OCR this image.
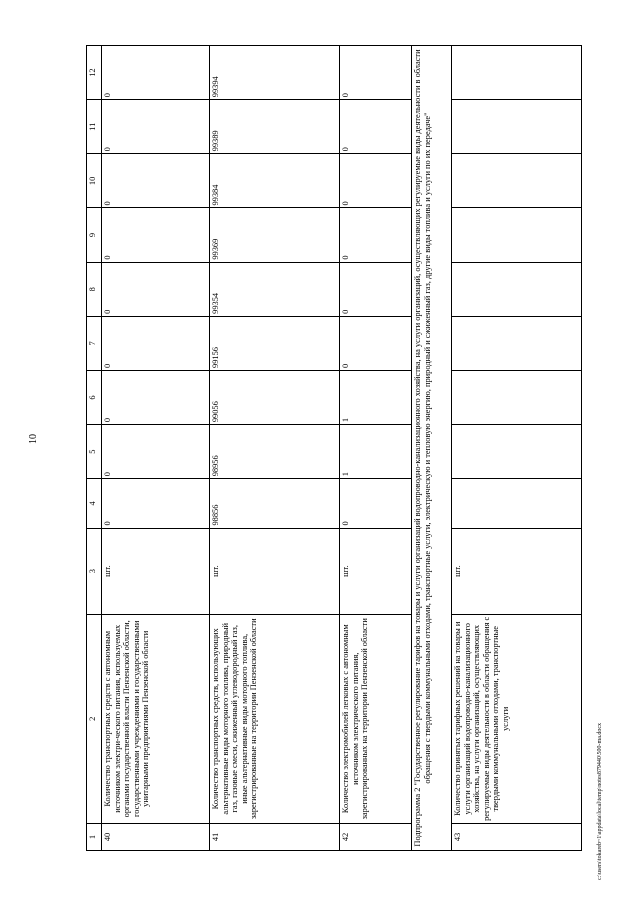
10
1	2	3	4	5	6	7	8	9	10	11	12
40	Количество транспортных средств с автономным источником электри-ческого питания, используемых органами государственной власти Пензенской области, государственными учреждениями и государственными унитарными предприятиями Пензенской области	шт.	0	0	0	0	0	0	0	0	0
41	Количество транспортных средств, использующих альтернативные виды моторного топлива, природный газ, газовые смеси, сжиженный углеводородный газ, иные альтернативные виды моторного топлива, зарегистрированные на территории Пензенской области	шт.	98856	98956	99056	99156	99354	99369	99384	99389	99394
42	Количество электромобилей легковых с автономным источником электрического питания, зарегистрированных на территории Пензенской области	шт.	0	1	1	0	0	0	0	0	0
Подпрограмма 2 "Государственное регулирование тарифов на товары и услуги организаций водопроводно-канализационного хозяйства, на услуги организаций, осуществляющих регулируемые виды деятельности в области обращения с твердыми коммунальными отходами, транспортные услуги, электрическую и тепловую энергию, природный и сжиженный газ, другие виды топлива и услуги по их передаче"											
43	Количество принятых тарифных решений на товары и услуги организаций водопроводно-канализационного хозяйства, на услуги организаций, осуществляющих регулируемые виды деятельности в области обращения с твердыми коммунальными отходами, транспортные услуги	шт.									
c:\users\tokareb~1\appdata\local\temp\notes879440\500-ma.docx
